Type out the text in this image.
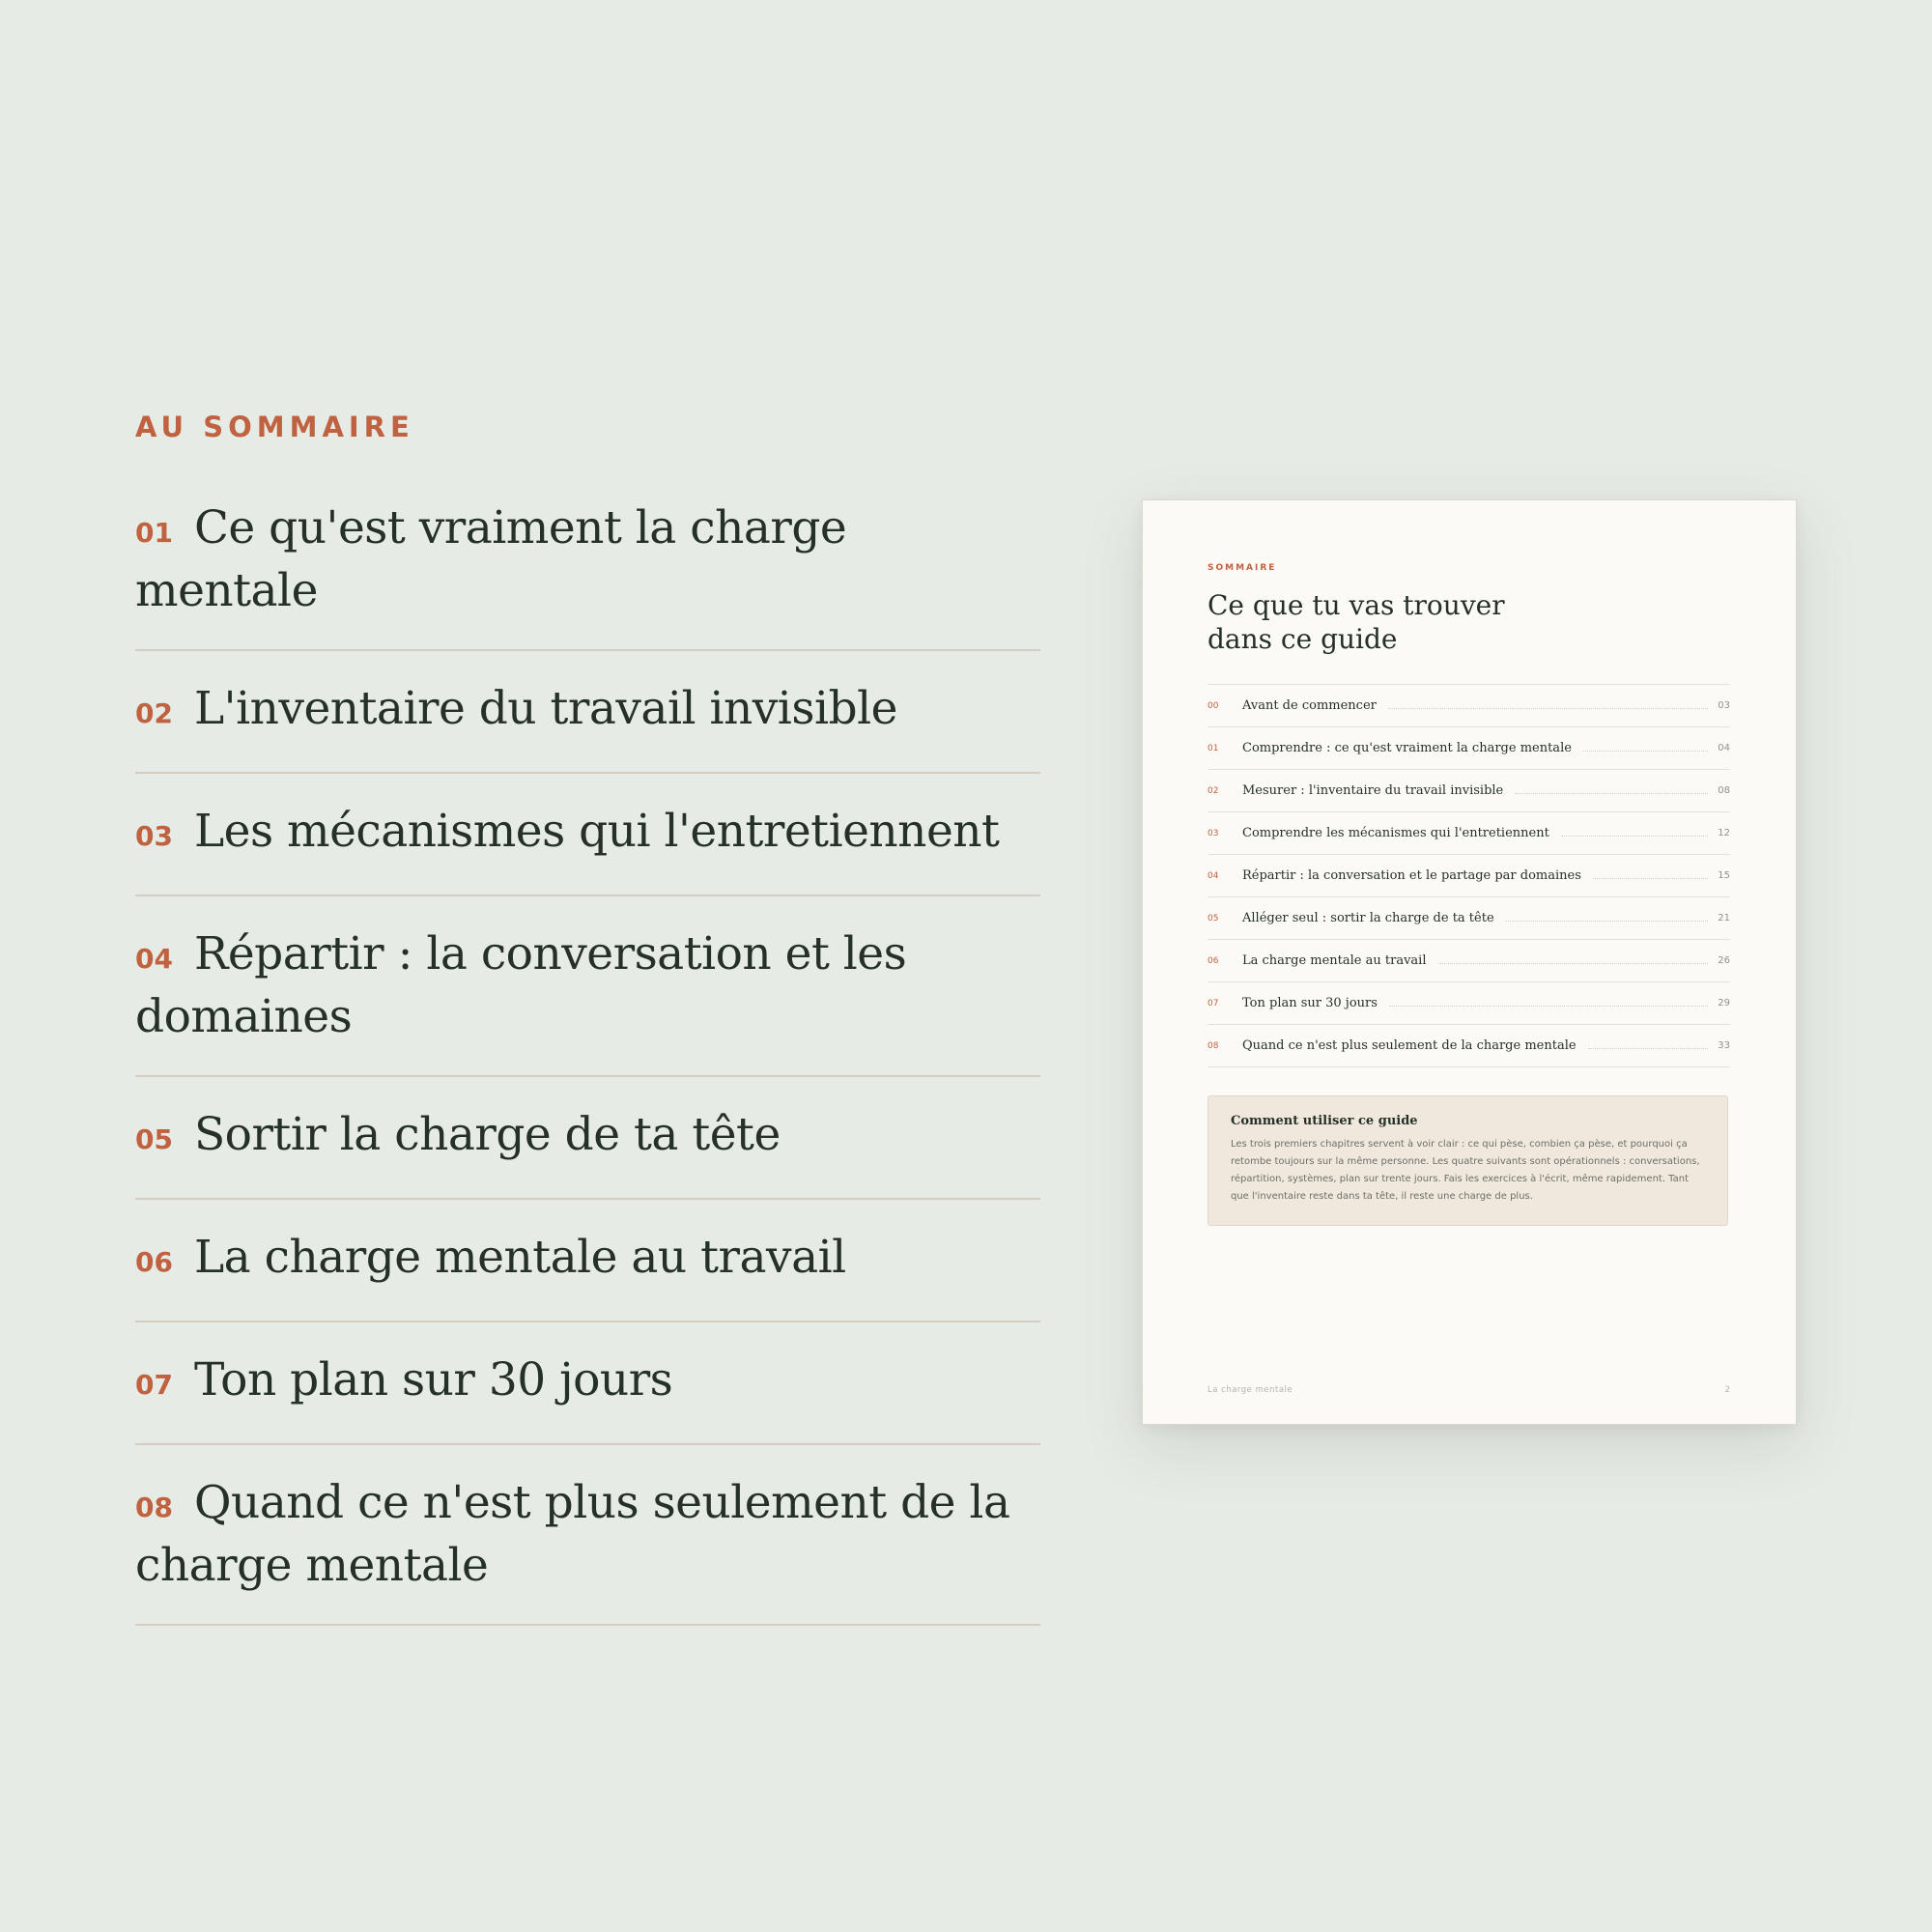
AU SOMMAIRE
01 Ce qu'est vraiment la charge mentale
02 L'inventaire du travail invisible
03 Les mécanismes qui l'entretiennent
04 Répartir : la conversation et les domaines
05 Sortir la charge de ta tête
06 La charge mentale au travail
07 Ton plan sur 30 jours
08 Quand ce n'est plus seulement de la charge mentale
SOMMAIRE
Ce que tu vas trouver dans ce guide
00	Avant de commencer	03
01	Comprendre : ce qu'est vraiment la charge mentale	04
02	Mesurer : l'inventaire du travail invisible	08
03	Comprendre les mécanismes qui l'entretiennent	12
04	Répartir : la conversation et le partage par domaines	15
05	Alléger seul : sortir la charge de ta tête	21
06	La charge mentale au travail	26
07	Ton plan sur 30 jours	29
08	Quand ce n'est plus seulement de la charge mentale	33
Comment utiliser ce guide

Les trois premiers chapitres servent à voir clair : ce qui pèse, combien ça pèse, et pourquoi ça retombe toujours sur la même personne. Les quatre suivants sont opérationnels : conversations, répartition, systèmes, plan sur trente jours. Fais les exercices à l'écrit, même rapidement. Tant que l'inventaire reste dans ta tête, il reste une charge de plus.

La charge mentale	2
